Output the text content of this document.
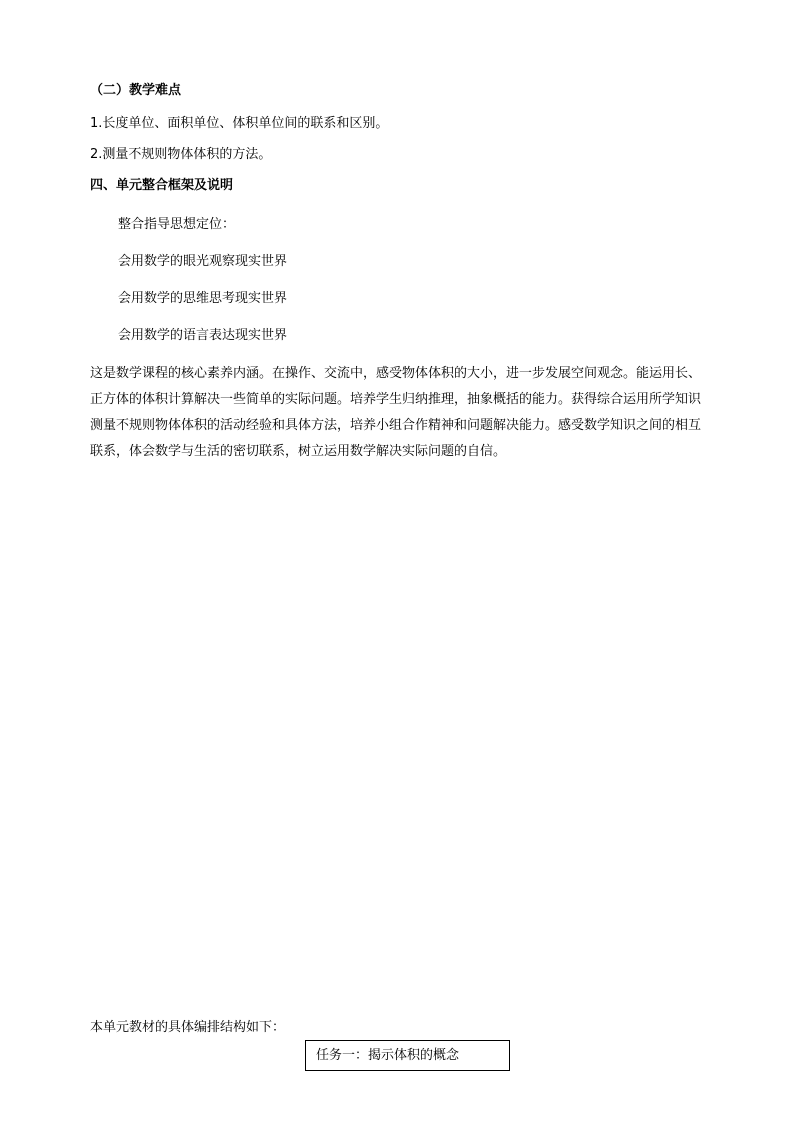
（二）教学难点
1.长度单位、面积单位、体积单位间的联系和区别。
2.测量不规则物体体积的方法。
四、单元整合框架及说明
整合指导思想定位：
会用数学的眼光观察现实世界
会用数学的思维思考现实世界
会用数学的语言表达现实世界

这是数学课程的核心素养内涵。在操作、交流中，感受物体体积的大小，进一步发展空间观念。能运用长、正方体的体积计算解决一些简单的实际问题。培养学生归纳推理，抽象概括的能力。获得综合运用所学知识测量不规则物体体积的活动经验和具体方法，培养小组合作精神和问题解决能力。感受数学知识之间的相互联系，体会数学与生活的密切联系，树立运用数学解决实际问题的自信。

本单元教材的具体编排结构如下：
任务一：揭示体积的概念
